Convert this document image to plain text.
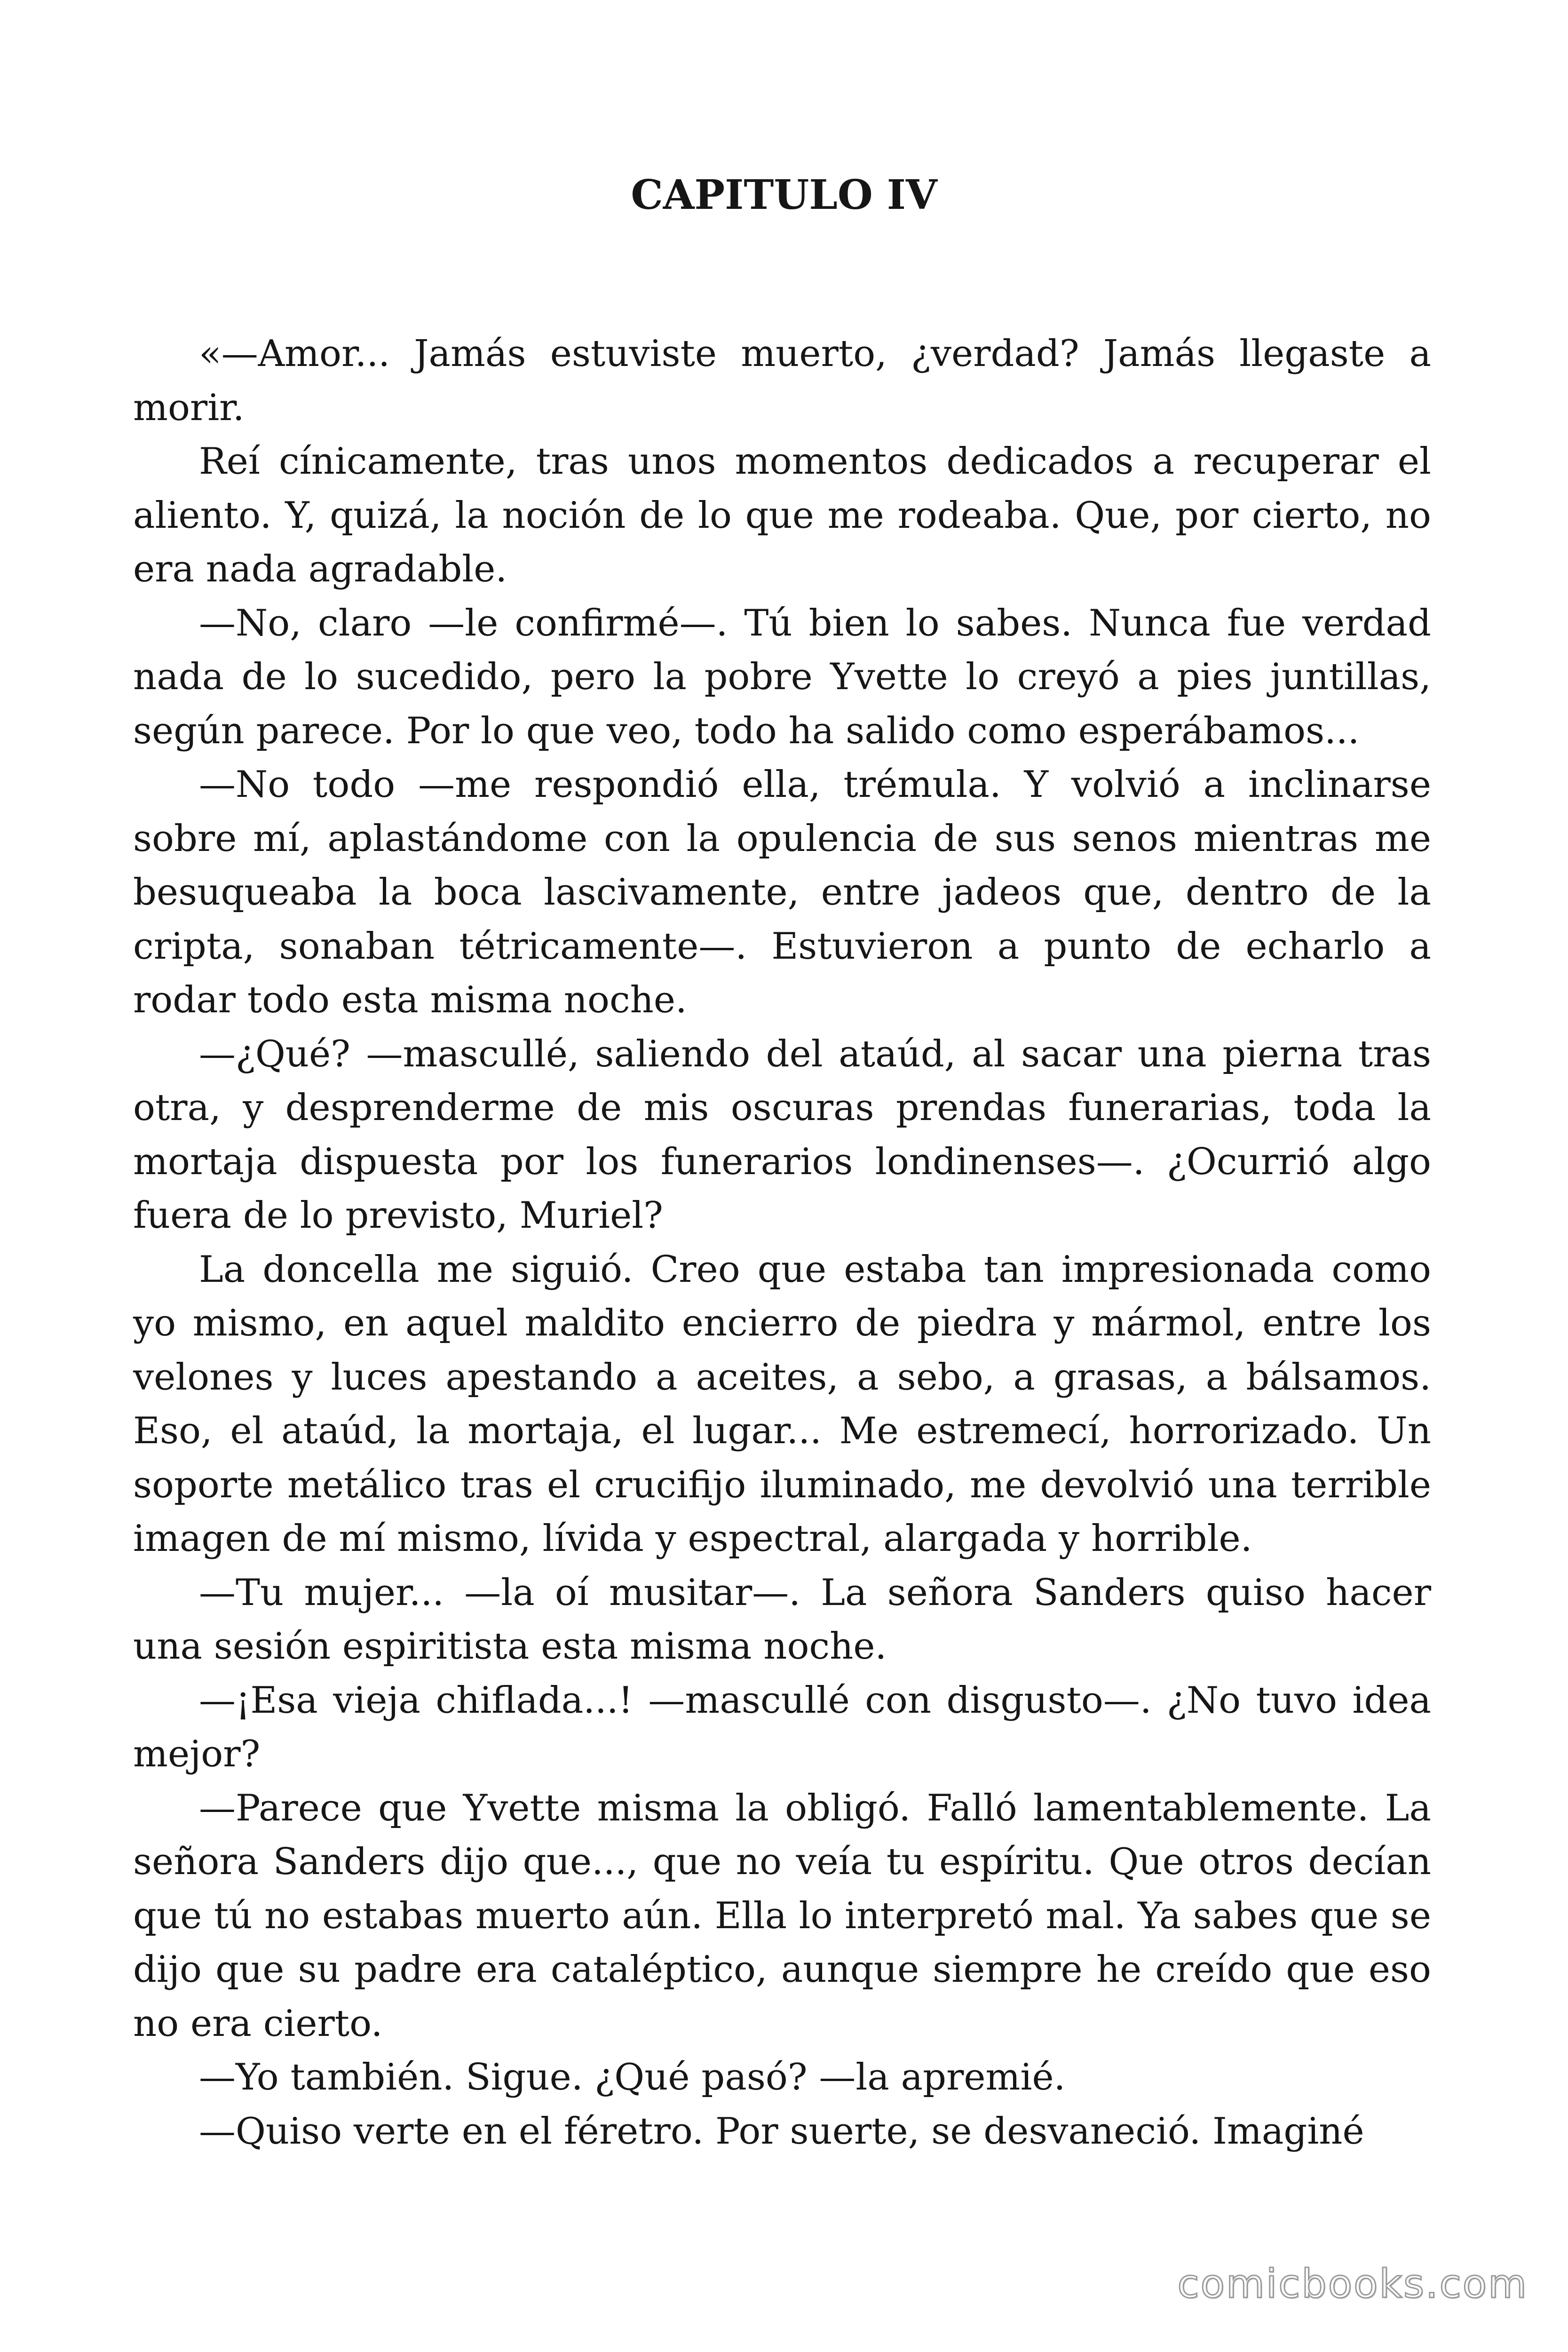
CAPITULO IV

«—Amor... Jamás estuviste muerto, ¿verdad? Jamás llegaste a morir.

Reí cínicamente, tras unos momentos dedicados a recuperar el aliento. Y, quizá, la noción de lo que me rodeaba. Que, por cierto, no era nada agradable.

—No, claro —le confirmé—. Tú bien lo sabes. Nunca fue verdad nada de lo sucedido, pero la pobre Yvette lo creyó a pies juntillas, según parece. Por lo que veo, todo ha salido como esperábamos...

—No todo —me respondió ella, trémula. Y volvió a inclinarse sobre mí, aplastándome con la opulencia de sus senos mientras me besuqueaba la boca lascivamente, entre jadeos que, dentro de la cripta, sonaban tétricamente—. Estuvieron a punto de echarlo a rodar todo esta misma noche.

—¿Qué? —mascullé, saliendo del ataúd, al sacar una pierna tras otra, y desprenderme de mis oscuras prendas funerarias, toda la mortaja dispuesta por los funerarios londinenses—. ¿Ocurrió algo fuera de lo previsto, Muriel?

La doncella me siguió. Creo que estaba tan impresionada como yo mismo, en aquel maldito encierro de piedra y mármol, entre los velones y luces apestando a aceites, a sebo, a grasas, a bálsamos. Eso, el ataúd, la mortaja, el lugar... Me estremecí, horrorizado. Un soporte metálico tras el crucifijo iluminado, me devolvió una terrible imagen de mí mismo, lívida y espectral, alargada y horrible.

—Tu mujer... —la oí musitar—. La señora Sanders quiso hacer una sesión espiritista esta misma noche.

—¡Esa vieja chiflada...! —mascullé con disgusto—. ¿No tuvo idea mejor?

—Parece que Yvette misma la obligó. Falló lamentablemente. La señora Sanders dijo que..., que no veía tu espíritu. Que otros decían que tú no estabas muerto aún. Ella lo interpretó mal. Ya sabes que se dijo que su padre era cataléptico, aunque siempre he creído que eso no era cierto.

—Yo también. Sigue. ¿Qué pasó? —la apremié.

—Quiso verte en el féretro. Por suerte, se desvaneció. Imaginé

comicbooks.com
